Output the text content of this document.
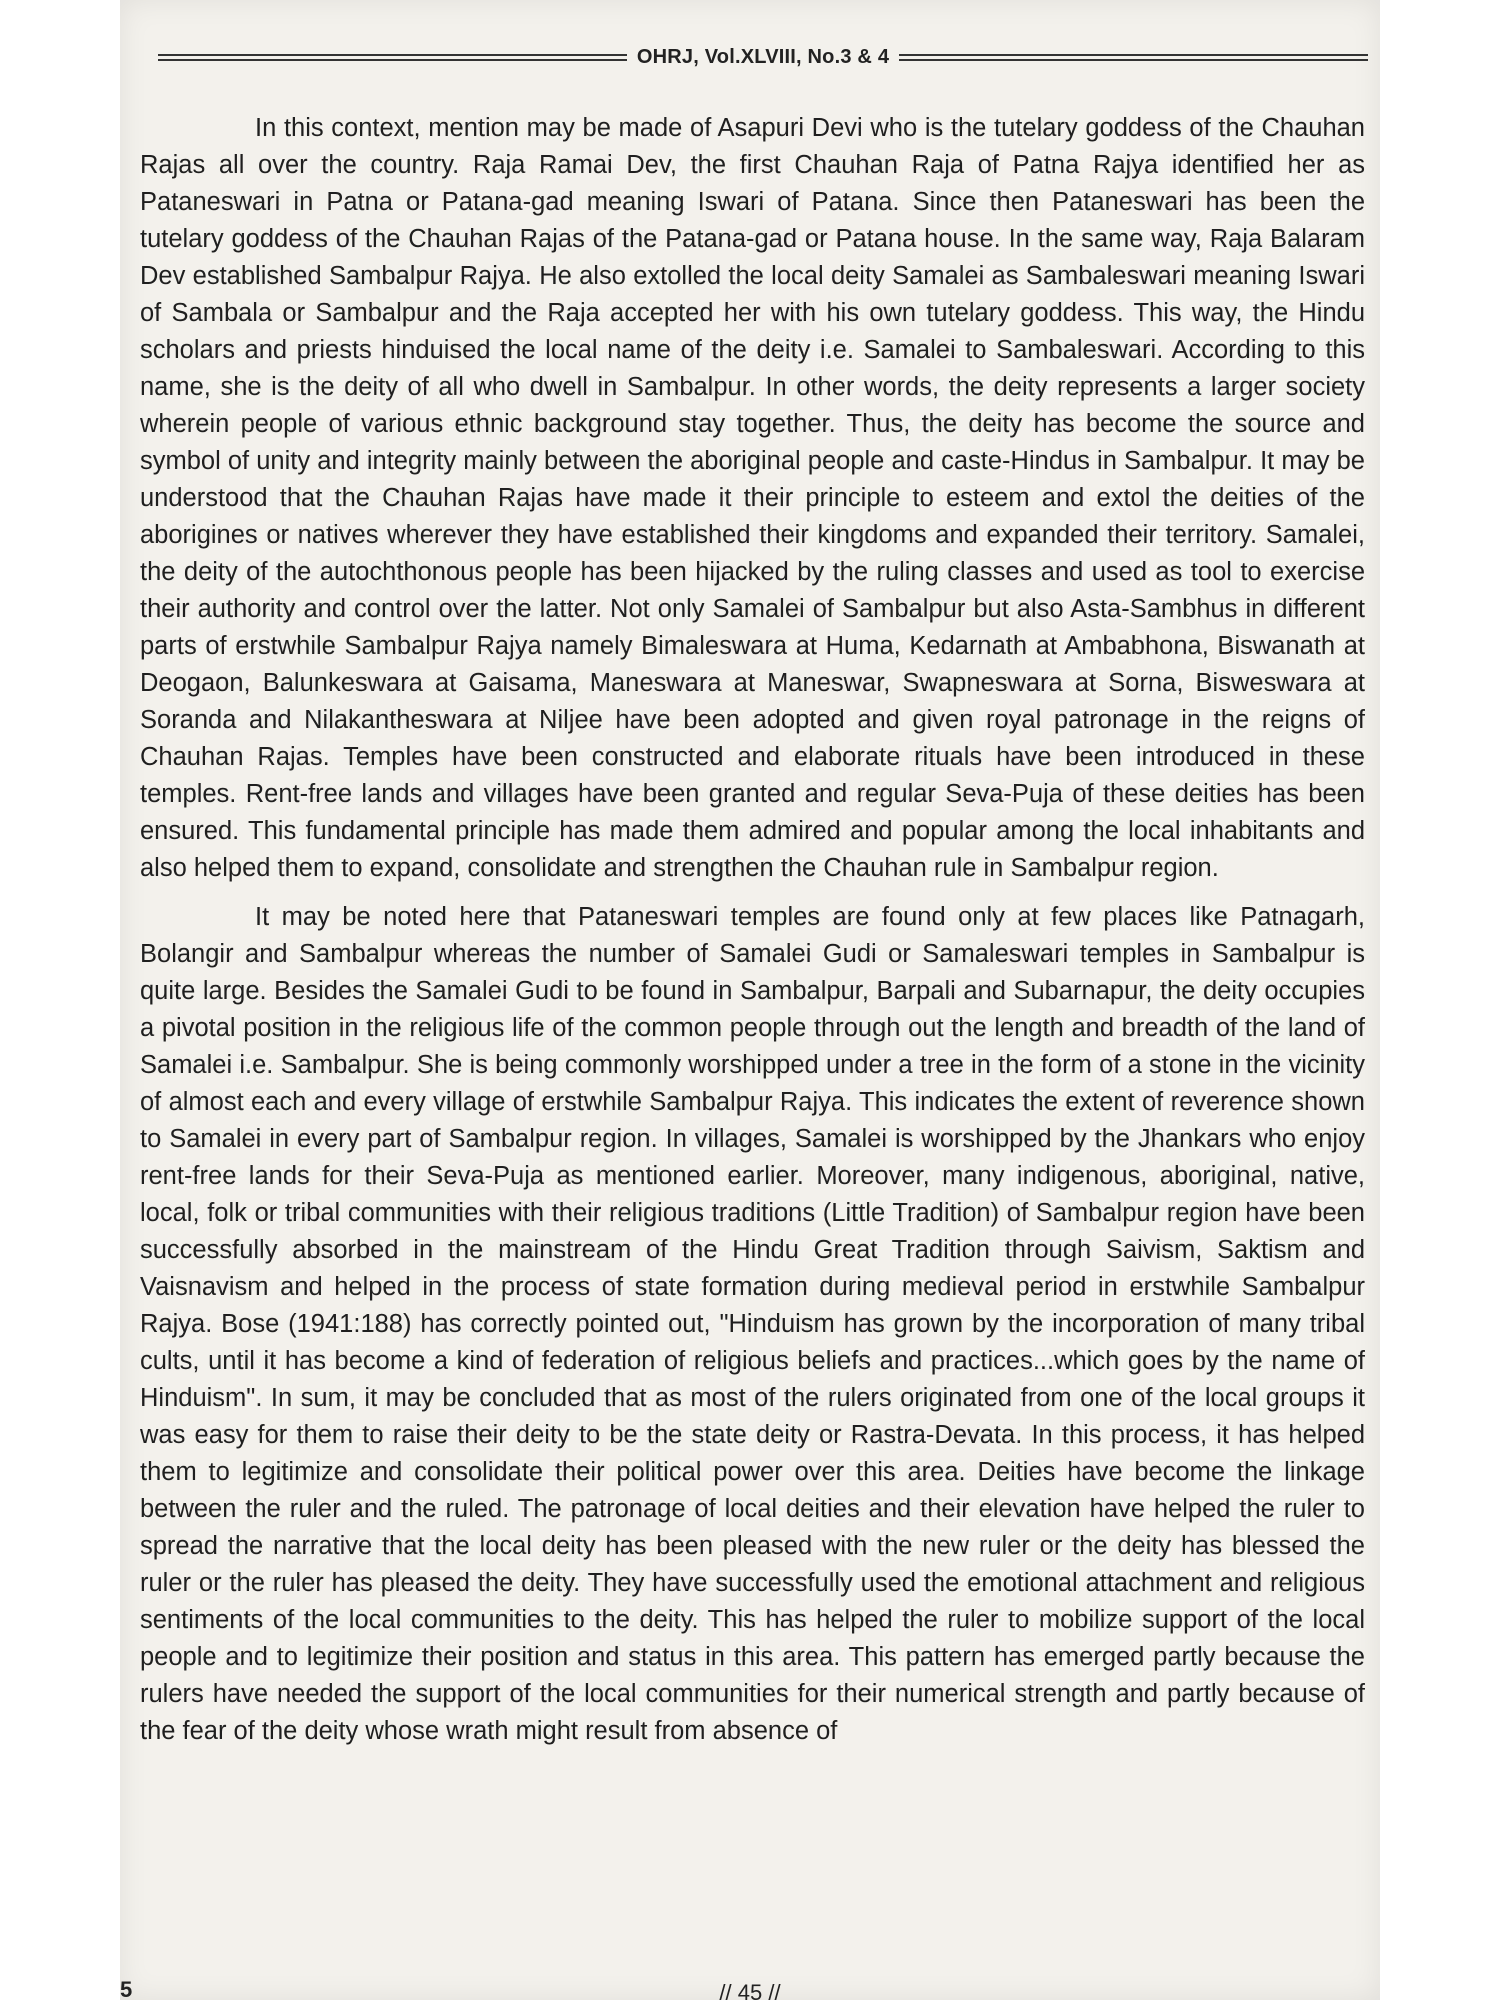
OHRJ, Vol.XLVIII, No.3 & 4

In this context, mention may be made of Asapuri Devi who is the tutelary goddess of the Chauhan Rajas all over the country. Raja Ramai Dev, the first Chauhan Raja of Patna Rajya identified her as Pataneswari in Patna or Patana-gad meaning Iswari of Patana. Since then Pataneswari has been the tutelary goddess of the Chauhan Rajas of the Patana-gad or Patana house. In the same way, Raja Balaram Dev established Sambalpur Rajya. He also extolled the local deity Samalei as Sambaleswari meaning Iswari of Sambala or Sambalpur and the Raja accepted her with his own tutelary goddess. This way, the Hindu scholars and priests hinduised the local name of the deity i.e. Samalei to Sambaleswari. According to this name, she is the deity of all who dwell in Sambalpur. In other words, the deity represents a larger society wherein people of various ethnic background stay together. Thus, the deity has become the source and symbol of unity and integrity mainly between the aboriginal people and caste-Hindus in Sambalpur. It may be understood that the Chauhan Rajas have made it their principle to esteem and extol the deities of the aborigines or natives wherever they have established their kingdoms and expanded their territory. Samalei, the deity of the autochthonous people has been hijacked by the ruling classes and used as tool to exercise their authority and control over the latter. Not only Samalei of Sambalpur but also Asta-Sambhus in different parts of erstwhile Sambalpur Rajya namely Bimaleswara at Huma, Kedarnath at Ambabhona, Biswanath at Deogaon, Balunkeswara at Gaisama, Maneswara at Maneswar, Swapneswara at Sorna, Bisweswara at Soranda and Nilakantheswara at Niljee have been adopted and given royal patronage in the reigns of Chauhan Rajas. Temples have been constructed and elaborate rituals have been introduced in these temples. Rent-free lands and villages have been granted and regular Seva-Puja of these deities has been ensured. This fundamental principle has made them admired and popular among the local inhabitants and also helped them to expand, consolidate and strengthen the Chauhan rule in Sambalpur region.

It may be noted here that Pataneswari temples are found only at few places like Patnagarh, Bolangir and Sambalpur whereas the number of Samalei Gudi or Samaleswari temples in Sambalpur is quite large. Besides the Samalei Gudi to be found in Sambalpur, Barpali and Subarnapur, the deity occupies a pivotal position in the religious life of the common people through out the length and breadth of the land of Samalei i.e. Sambalpur. She is being commonly worshipped under a tree in the form of a stone in the vicinity of almost each and every village of erstwhile Sambalpur Rajya. This indicates the extent of reverence shown to Samalei in every part of Sambalpur region. In villages, Samalei is worshipped by the Jhankars who enjoy rent-free lands for their Seva-Puja as mentioned earlier. Moreover, many indigenous, aboriginal, native, local, folk or tribal communities with their religious traditions (Little Tradition) of Sambalpur region have been successfully absorbed in the mainstream of the Hindu Great Tradition through Saivism, Saktism and Vaisnavism and helped in the process of state formation during medieval period in erstwhile Sambalpur Rajya. Bose (1941:188) has correctly pointed out, "Hinduism has grown by the incorporation of many tribal cults, until it has become a kind of federation of religious beliefs and practices...which goes by the name of Hinduism". In sum, it may be concluded that as most of the rulers originated from one of the local groups it was easy for them to raise their deity to be the state deity or Rastra-Devata. In this process, it has helped them to legitimize and consolidate their political power over this area. Deities have become the linkage between the ruler and the ruled. The patronage of local deities and their elevation have helped the ruler to spread the narrative that the local deity has been pleased with the new ruler or the deity has blessed the ruler or the ruler has pleased the deity. They have successfully used the emotional attachment and religious sentiments of the local communities to the deity. This has helped the ruler to mobilize support of the local people and to legitimize their position and status in this area. This pattern has emerged partly because the rulers have needed the support of the local communities for their numerical strength and partly because of the fear of the deity whose wrath might result from absence of

5	// 45 //
